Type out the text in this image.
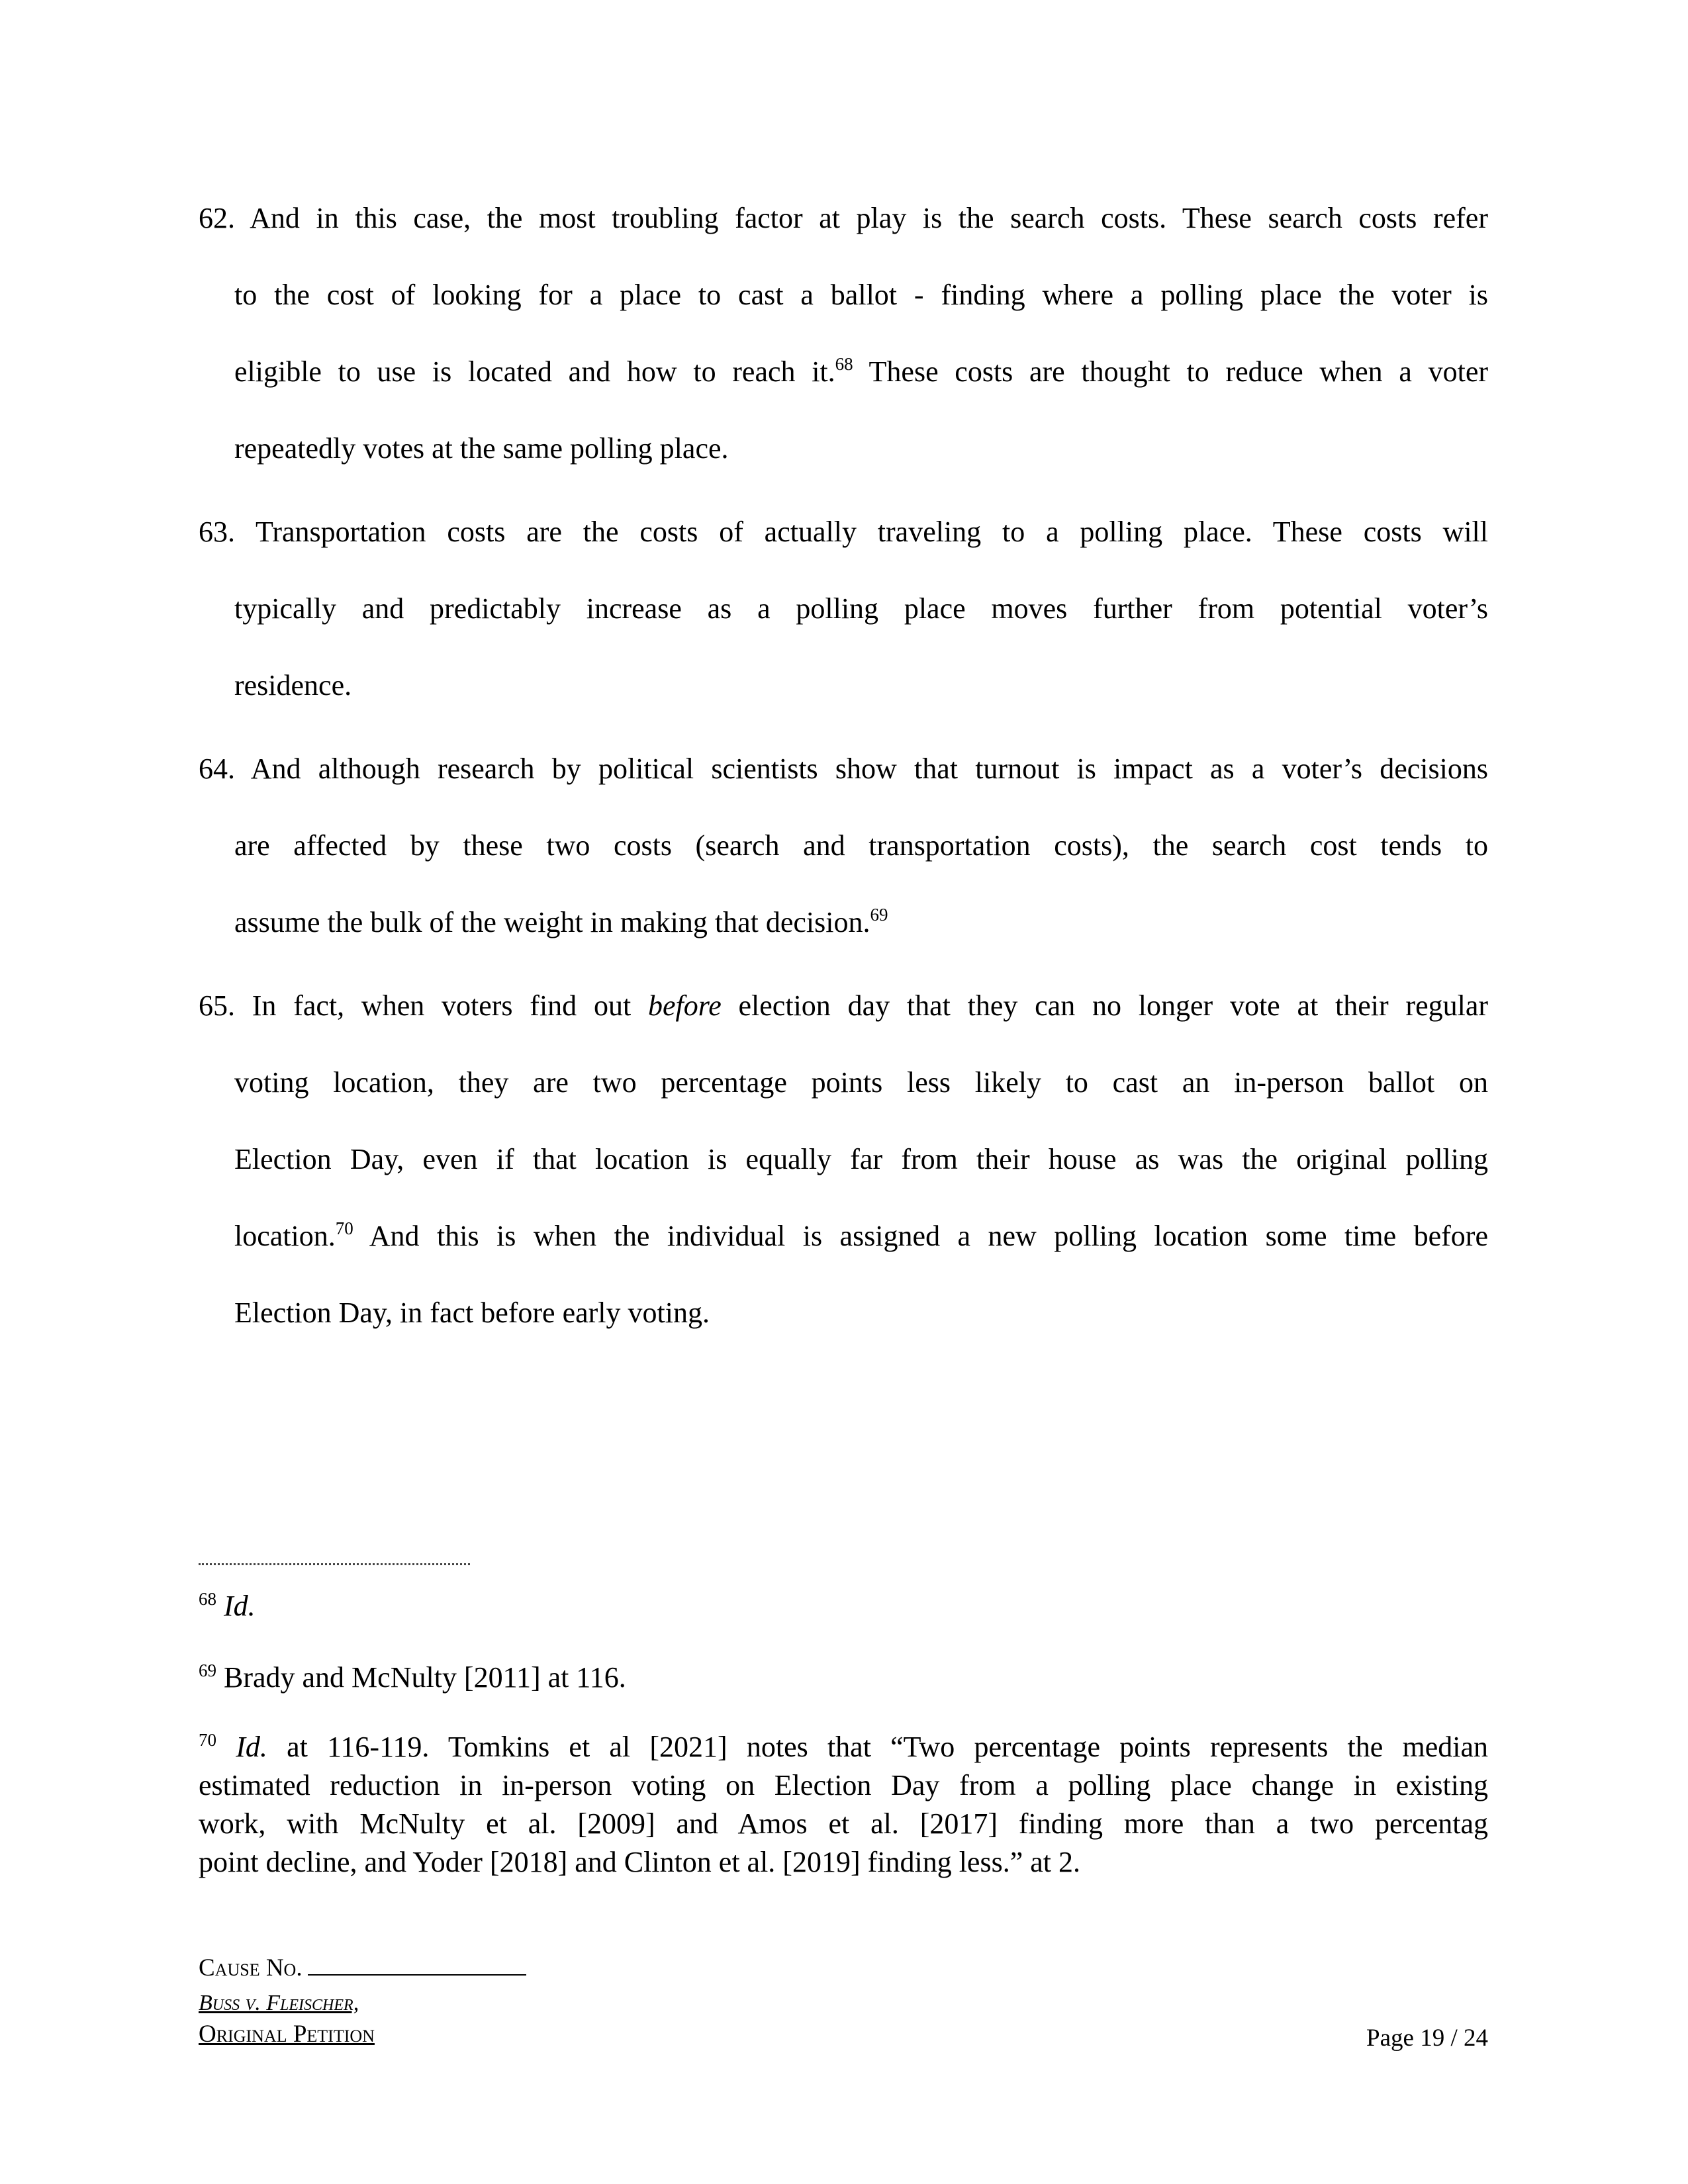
62. And in this case, the most troubling factor at play is the search costs. These search costs refer
to the cost of looking for a place to cast a ballot - finding where a polling place the voter is
eligible to use is located and how to reach it.$^{68}$ These costs are thought to reduce when a voter
repeatedly votes at the same polling place.
63. Transportation costs are the costs of actually traveling to a polling place. These costs will
typically and predictably increase as a polling place moves further from potential voter’s
residence.
64. And although research by political scientists show that turnout is impact as a voter’s decisions
are affected by these two costs (search and transportation costs), the search cost tends to
assume the bulk of the weight in making that decision.$^{69}$
65. In fact, when voters find out before election day that they can no longer vote at their regular
voting location, they are two percentage points less likely to cast an in-person ballot on
Election Day, even if that location is equally far from their house as was the original polling
location.$^{70}$ And this is when the individual is assigned a new polling location some time before
Election Day, in fact before early voting.
$^{68}$ Id.
$^{69}$ Brady and McNulty [2011] at 116.
$^{70}$ Id. at 116-119. Tomkins et al [2021] notes that “Two percentage points represents the median
estimated reduction in in-person voting on Election Day from a polling place change in existing
work, with McNulty et al. [2009] and Amos et al. [2017] finding more than a two percentag
point decline, and Yoder [2018] and Clinton et al. [2019] finding less.” at 2.
Cause No.
Buss v. Fleischer,
Original Petition	Page 19 / 24
